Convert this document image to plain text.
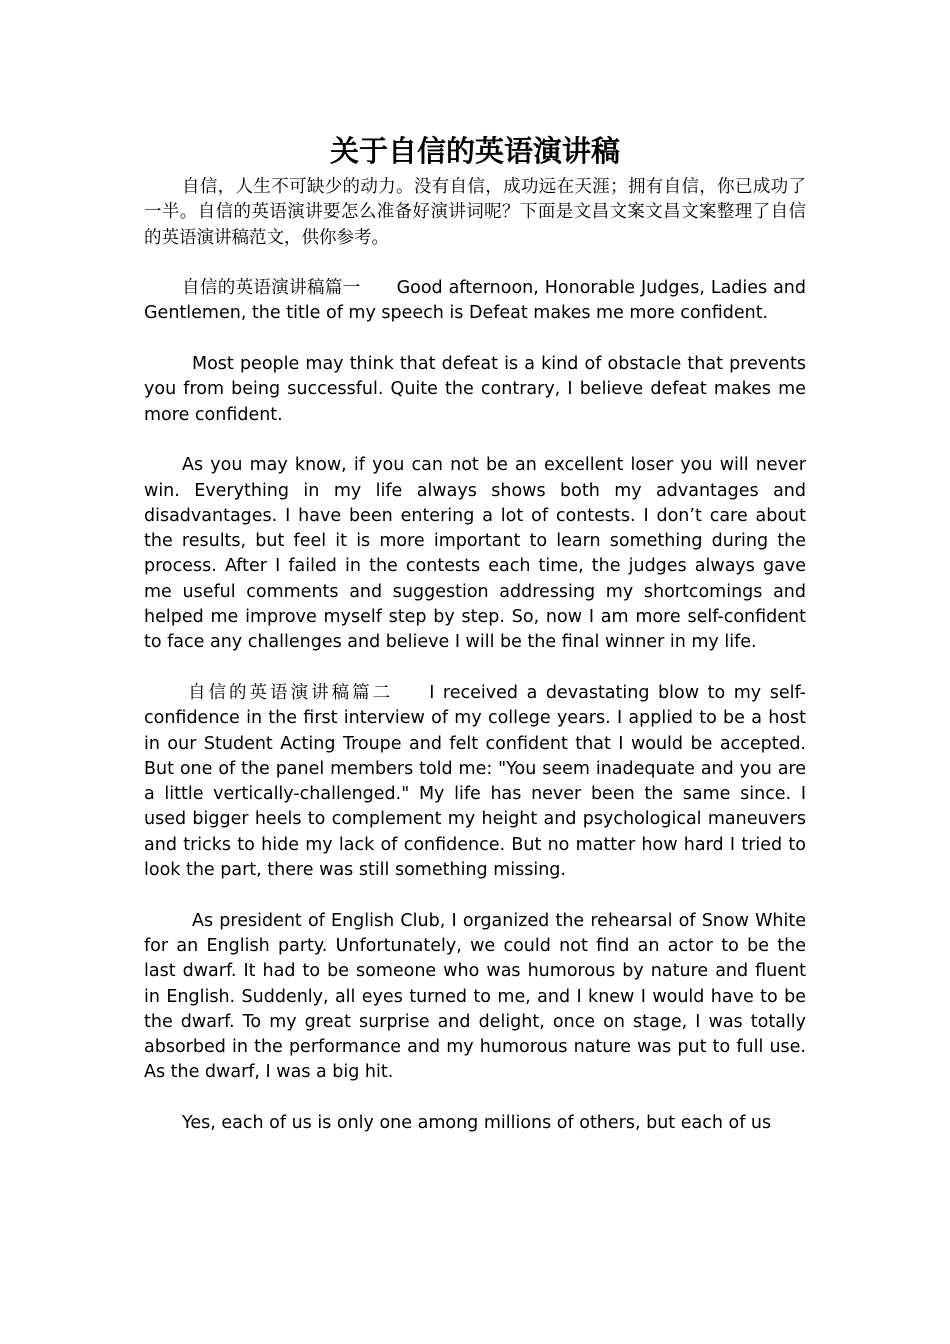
关于自信的英语演讲稿

自信，人生不可缺少的动力。没有自信，成功远在天涯；拥有自信，你已成功了一半。自信的英语演讲要怎么准备好演讲词呢？下面是文昌文案文昌文案整理了自信的英语演讲稿范文，供你参考。

自信的英语演讲稿篇一 Good afternoon, Honorable Judges, Ladies and Gentlemen, the title of my speech is Defeat makes me more confident.

Most people may think that defeat is a kind of obstacle that prevents you from being successful. Quite the contrary, I believe defeat makes me more confident.

As you may know, if you can not be an excellent loser you will never win. Everything in my life always shows both my advantages and disadvantages. I have been entering a lot of contests. I don’t care about the results, but feel it is more important to learn something during the process. After I failed in the contests each time, the judges always gave me useful comments and suggestion addressing my shortcomings and helped me improve myself step by step. So, now I am more self-confident to face any challenges and believe I will be the final winner in my life.

自信的英语演讲稿篇二 I received a devastating blow to my self-confidence in the first interview of my college years. I applied to be a host in our Student Acting Troupe and felt confident that I would be accepted. But one of the panel members told me: "You seem inadequate and you are a little vertically-challenged." My life has never been the same since. I used bigger heels to complement my height and psychological maneuvers and tricks to hide my lack of confidence. But no matter how hard I tried to look the part, there was still something missing.

As president of English Club, I organized the rehearsal of Snow White for an English party. Unfortunately, we could not find an actor to be the last dwarf. It had to be someone who was humorous by nature and fluent in English. Suddenly, all eyes turned to me, and I knew I would have to be the dwarf. To my great surprise and delight, once on stage, I was totally absorbed in the performance and my humorous nature was put to full use. As the dwarf, I was a big hit.

Yes, each of us is only one among millions of others, but each of us
